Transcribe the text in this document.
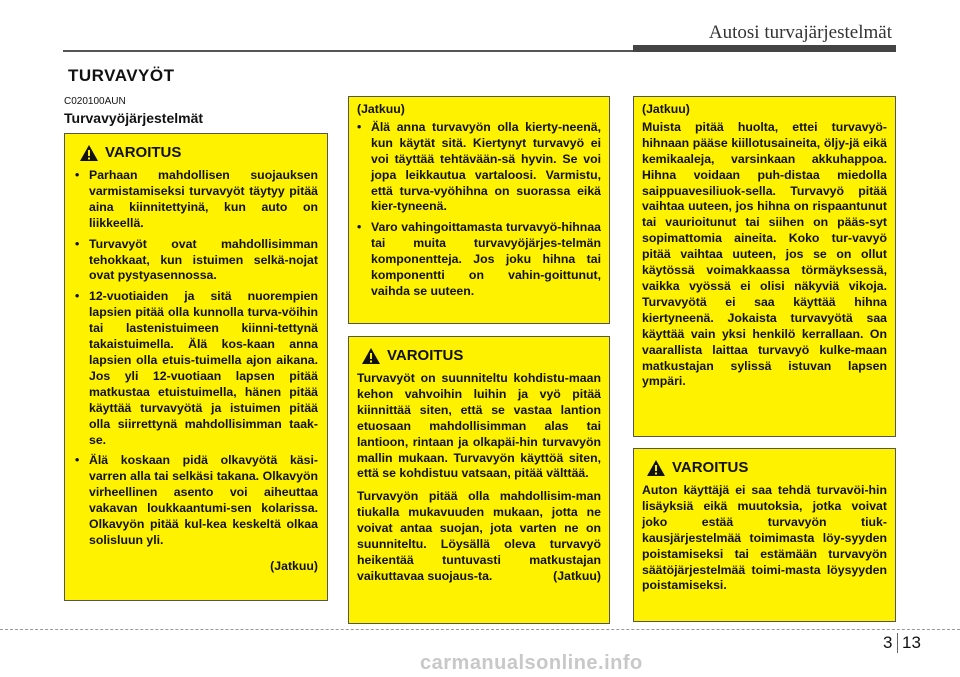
Autosi turvajärjestelmät
TURVAVYÖT
C020100AUN
Turvavyöjärjestelmät
VAROITUS
• Parhaan mahdollisen suojauksen varmistamiseksi turvavyöt täytyy pitää aina kiinnitettyinä, kun auto on liikkeellä.
• Turvavyöt ovat mahdollisimman tehokkaat, kun istuimen selkä-nojat ovat pystyasennossa.
• 12-vuotiaiden ja sitä nuorempien lapsien pitää olla kunnolla turva-vöihin tai lastenistuimeen kiinni-tettynä takaistuimella. Älä kos-kaan anna lapsien olla etuis-tuimella ajon aikana. Jos yli 12-vuotiaan lapsen pitää matkustaa etuistuimella, hänen pitää käyttää turvavyötä ja istuimen pitää olla siirrettynä mahdollisimman taak-se.
• Älä koskaan pidä olkavyötä käsi-varren alla tai selkäsi takana. Olkavyön virheellinen asento voi aiheuttaa vakavan loukkaantumi-sen kolarissa. Olkavyön pitää kul-kea keskeltä olkaa solisluun yli.
(Jatkuu)
(Jatkuu)
• Älä anna turvavyön olla kierty-neenä, kun käytät sitä. Kiertynyt turvavyö ei voi täyttää tehtävään-sä hyvin. Se voi jopa leikkautua vartaloosi. Varmistu, että turva-vyöhihna on suorassa eikä kier-tyneenä.
• Varo vahingoittamasta turvavyö-hihnaa tai muita turvavyöjärjes-telmän komponentteja. Jos joku hihna tai komponentti on vahin-goittunut, vaihda se uuteen.
VAROITUS

Turvavyöt on suunniteltu kohdistu-maan kehon vahvoihin luihin ja vyö pitää kiinnittää siten, että se vastaa lantion etuosaan mahdollisimman alas tai lantioon, rintaan ja olkapäi-hin turvavyön mallin mukaan. Turvavyön käyttöä siten, että se kohdistuu vatsaan, pitää välttää.

Turvavyön pitää olla mahdollisim-man tiukalla mukavuuden mukaan, jotta ne voivat antaa suojan, jota varten ne on suunniteltu. Löysällä oleva turvavyö heikentää tuntuvasti matkustajan vaikuttavaa suojaus-ta.	(Jatkuu)

(Jatkuu)

Muista pitää huolta, ettei turvavyö-hihnaan pääse kiillotusaineita, öljy-jä eikä kemikaaleja, varsinkaan akkuhappoa. Hihna voidaan puh-distaa miedolla saippuavesiliuok-sella. Turvavyö pitää vaihtaa uuteen, jos hihna on rispaantunut tai vaurioitunut tai siihen on pääs-syt sopimattomia aineita. Koko tur-vavyö pitää vaihtaa uuteen, jos se on ollut käytössä voimakkaassa törmäyksessä, vaikka vyössä ei olisi näkyviä vikoja. Turvavyötä ei saa käyttää hihna kiertyneenä. Jokaista turvavyötä saa käyttää vain yksi henkilö kerrallaan. On vaarallista laittaa turvavyö kulke-maan matkustajan sylissä istuvan lapsen ympäri.

VAROITUS

Auton käyttäjä ei saa tehdä turvavöi-hin lisäyksiä eikä muutoksia, jotka voivat joko estää turvavyön tiuk-kausjärjestelmää toimimasta löy-syyden poistamiseksi tai estämään turvavyön säätöjärjestelmää toimi-masta löysyyden poistamiseksi.

3 13
carmanualsonline.info
